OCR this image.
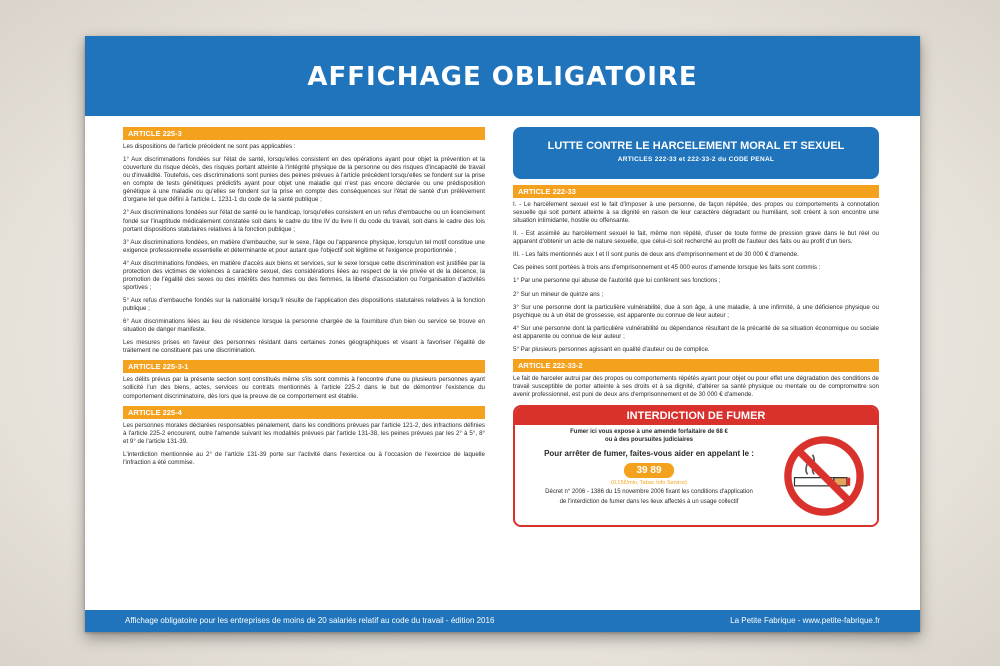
AFFICHAGE OBLIGATOIRE
ARTICLE 225-3

Les dispositions de l'article précédent ne sont pas applicables :

1° Aux discriminations fondées sur l'état de santé, lorsqu'elles consistent en des opérations ayant pour objet la prévention et la couverture du risque décès, des risques portant atteinte à l'intégrité physique de la personne ou des risques d'incapacité de travail ou d'invalidité. Toutefois, ces discriminations sont punies des peines prévues à l'article précédent lorsqu'elles se fondent sur la prise en compte de tests génétiques prédictifs ayant pour objet une maladie qui n'est pas encore déclarée ou une prédisposition génétique à une maladie ou qu'elles se fondent sur la prise en compte des conséquences sur l'état de santé d'un prélèvement d'organe tel que défini à l'article L. 1231-1 du code de la santé publique ;

2° Aux discriminations fondées sur l'état de santé ou le handicap, lorsqu'elles consistent en un refus d'embauche ou un licenciement fondé sur l'inaptitude médicalement constatée soit dans le cadre du titre IV du livre II du code du travail, soit dans le cadre des lois portant dispositions statutaires relatives à la fonction publique ;

3° Aux discriminations fondées, en matière d'embauche, sur le sexe, l'âge ou l'apparence physique, lorsqu'un tel motif constitue une exigence professionnelle essentielle et déterminante et pour autant que l'objectif soit légitime et l'exigence proportionnée ;

4° Aux discriminations fondées, en matière d'accès aux biens et services, sur le sexe lorsque cette discrimination est justifiée par la protection des victimes de violences à caractère sexuel, des considérations liées au respect de la vie privée et de la décence, la promotion de l'égalité des sexes ou des intérêts des hommes ou des femmes, la liberté d'association ou l'organisation d'activités sportives ;

5° Aux refus d'embauche fondés sur la nationalité lorsqu'il résulte de l'application des dispositions statutaires relatives à la fonction publique ;

6° Aux discriminations liées au lieu de résidence lorsque la personne chargée de la fourniture d'un bien ou service se trouve en situation de danger manifeste.

Les mesures prises en faveur des personnes résidant dans certaines zones géographiques et visant à favoriser l'égalité de traitement ne constituent pas une discrimination.

ARTICLE 225-3-1

Les délits prévus par la présente section sont constitués même s'ils sont commis à l'encontre d'une ou plusieurs personnes ayant sollicité l'un des biens, actes, services ou contrats mentionnés à l'article 225-2 dans le but de démontrer l'existence du comportement discriminatoire, dès lors que la preuve de ce comportement est établie.

ARTICLE 225-4

Les personnes morales déclarées responsables pénalement, dans les conditions prévues par l'article 121-2, des infractions définies à l'article 225-2 encourent, outre l'amende suivant les modalités prévues par l'article 131-38, les peines prévues par les 2° à 5°, 8° et 9° de l'article 131-39.

L'interdiction mentionnée au 2° de l'article 131-39 porte sur l'activité dans l'exercice ou à l'occasion de l'exercice de laquelle l'infraction a été commise.

LUTTE CONTRE LE HARCELEMENT MORAL ET SEXUEL
ARTICLES 222-33 et 222-33-2 du CODE PENAL
ARTICLE 222-33

I. - Le harcèlement sexuel est le fait d'imposer à une personne, de façon répétée, des propos ou comportements à connotation sexuelle qui soit portent atteinte à sa dignité en raison de leur caractère dégradant ou humiliant, soit créent à son encontre une situation intimidante, hostile ou offensante.

II. - Est assimilé au harcèlement sexuel le fait, même non répété, d'user de toute forme de pression grave dans le but réel ou apparent d'obtenir un acte de nature sexuelle, que celui-ci soit recherché au profit de l'auteur des faits ou au profit d'un tiers.

III. - Les faits mentionnés aux I et II sont punis de deux ans d'emprisonnement et de 30 000 € d'amende.

Ces peines sont portées à trois ans d'emprisonnement et 45 000 euros d'amende lorsque les faits sont commis :

1° Par une personne qui abuse de l'autorité que lui confèrent ses fonctions ;

2° Sur un mineur de quinze ans ;

3° Sur une personne dont la particulière vulnérabilité, due à son âge, à une maladie, à une infirmité, à une déficience physique ou psychique ou à un état de grossesse, est apparente ou connue de leur auteur ;

4° Sur une personne dont la particulière vulnérabilité ou dépendance résultant de la précarité de sa situation économique ou sociale est apparente ou connue de leur auteur ;

5° Par plusieurs personnes agissant en qualité d'auteur ou de complice.

ARTICLE 222-33-2

Le fait de harceler autrui par des propos ou comportements répétés ayant pour objet ou pour effet une dégradation des conditions de travail susceptible de porter atteinte à ses droits et à sa dignité, d'altérer sa santé physique ou mentale ou de compromettre son avenir professionnel, est puni de deux ans d'emprisonnement et de 30 000 € d'amende.

INTERDICTION DE FUMER
Fumer ici vous expose à une amende forfaitaire de 68 €
ou à des poursuites judiciaires
Pour arrêter de fumer, faites-vous aider en appelant le :
39 89
(0,15€/min, Tabac Info Service)
Décret n° 2006 - 1386 du 15 novembre 2006 fixant les conditions d'application
de l'interdiction de fumer dans les lieux affectés à un usage collectif
Affichage obligatoire pour les entreprises de moins de 20 salariés relatif au code du travail - édition 2016	La Petite Fabrique - www.petite-fabrique.fr
